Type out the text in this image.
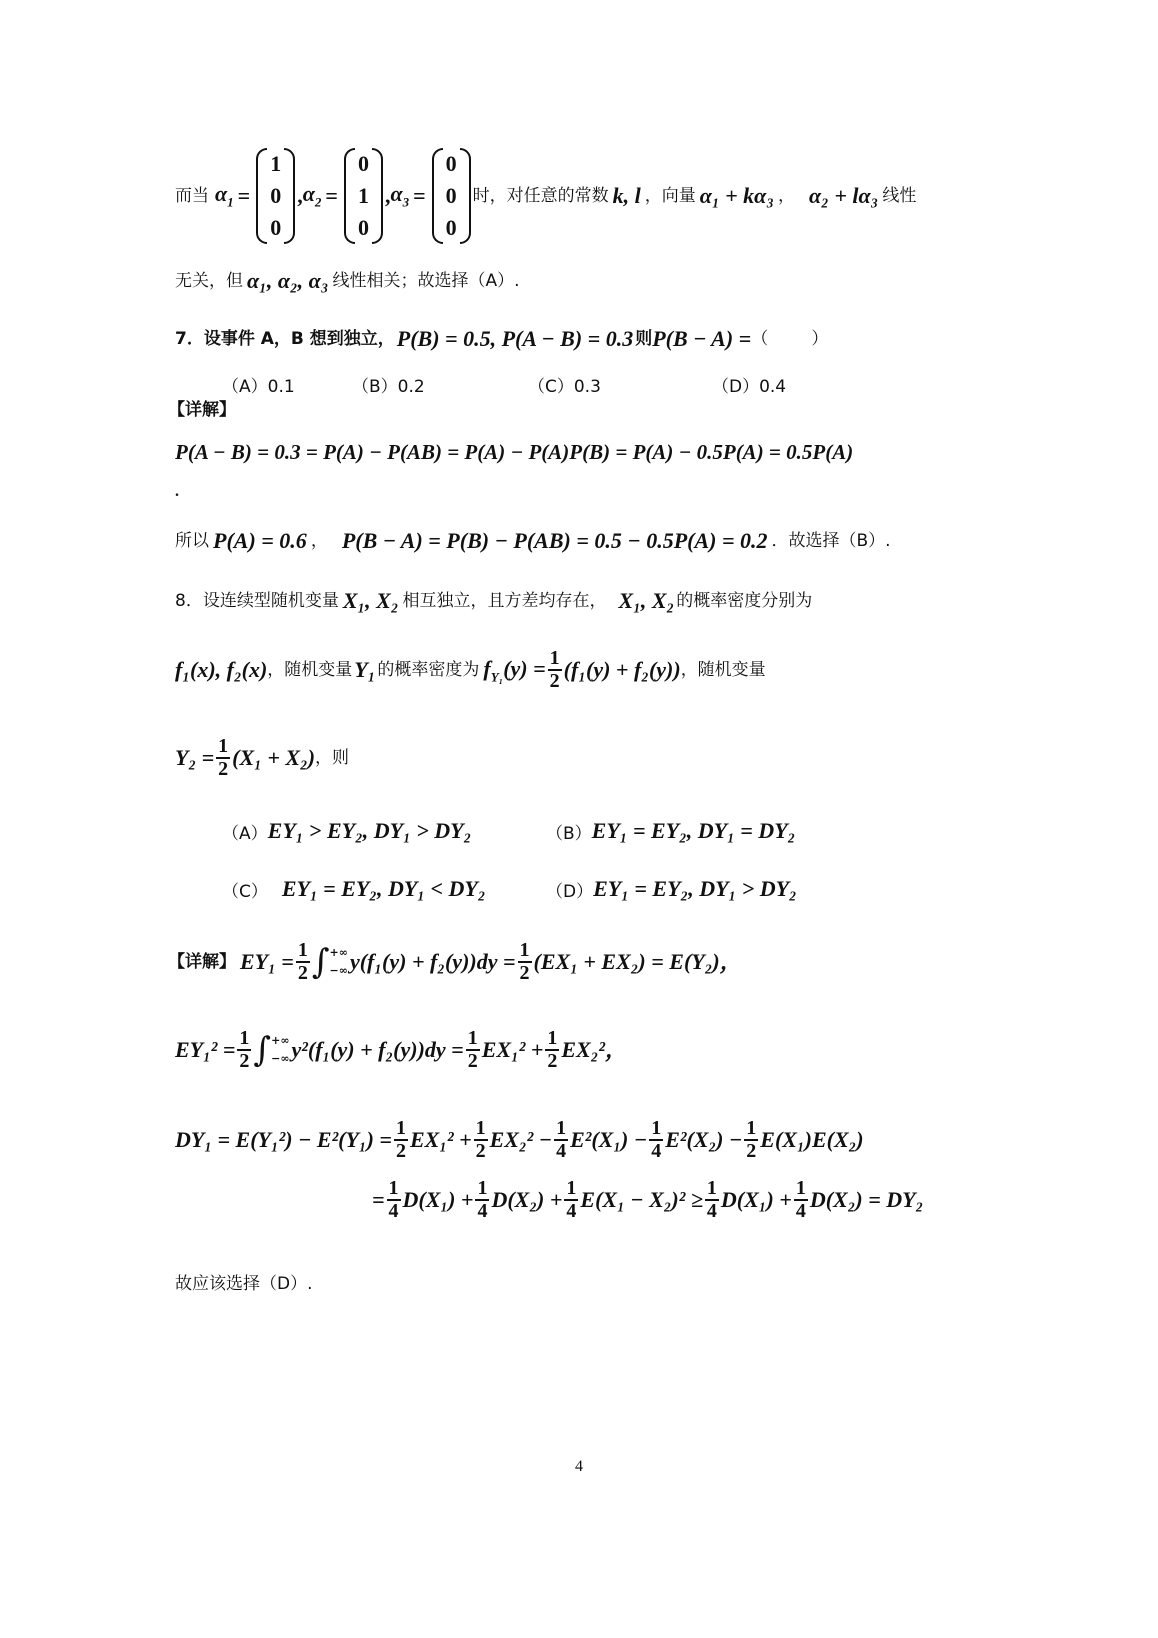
而当 $\alpha_1$ =
1
0
0
, $\alpha_2$ =
0
1
0
, $\alpha_3$ =
0
0
0
时，对任意的常数 k, l ，向量 α₁ + kα₃ ， α₂ + lα₃ 线性
无关，但 α₁, α₂, α₃ 线性相关；故选择（A）.
7． 设事件 A，B 想到独立， P(B) = 0.5, P(A − B) = 0.3 则 P(B − A) = （        ）
（A）0.1	（B）0.2	（C）0.3	（D）0.4
【详解】
P(A − B) = 0.3 = P(A) − P(AB) = P(A) − P(A)P(B) = P(A) − 0.5P(A) = 0.5P(A)
.
所以 P(A) = 0.6 ， P(B − A) = P(B) − P(AB) = 0.5 − 0.5P(A) = 0.2 ．故选择（B）.
8． 设连续型随机变量 X₁, X₂ 相互独立，且方差均存在， X₁, X₂ 的概率密度分别为
f₁(x), f₂(x) ，随机变量 Y₁ 的概率密度为 $f_{Y_1}(y) = \frac{1}{2} (f_1(y) + f_2(y))$ ，随机变量
$Y_2 = \frac{1}{2} (X_1 + X_2)$ ，则
（A） EY₁ > EY₂, DY₁ > DY₂	（B） EY₁ = EY₂, DY₁ = DY₂
（C） EY₁ = EY₂, DY₁ < DY₂	（D） EY₁ = EY₂, DY₁ > DY₂
【详解】 $EY_1 = \frac{1}{2}$ ∫ +∞
−∞ $y(f_1(y) + f_2(y))dy = \frac{1}{2} (EX_1 + EX_2) = E(Y_2)$，
$EY_1^2 = \frac{1}{2}$ ∫ +∞
−∞ $y^2(f_1(y) + f_2(y))dy = \frac{1}{2} EX_1^2 + \frac{1}{2} EX_2^2$，
$DY_1 = E(Y_1^2) - E^2(Y_1) = \frac{1}{2} EX_1^2 + \frac{1}{2} EX_2^2 - \frac{1}{4} E^2(X_1) - \frac{1}{4} E^2(X_2) - \frac{1}{2} E(X_1)E(X_2)$
= $\frac{1}{4} D(X_1) + \frac{1}{4} D(X_2) + \frac{1}{4} E(X_1 - X_2)^2 \ge \frac{1}{4} D(X_1) + \frac{1}{4} D(X_2) = DY_2$
故应该选择（D）.
4
